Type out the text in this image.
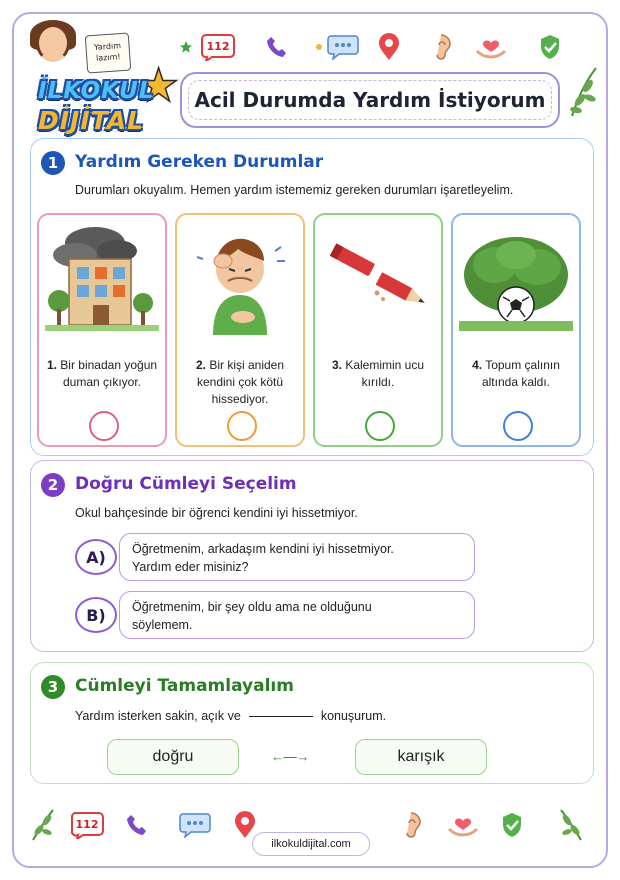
Yardım lazım!
★
İLKOKUL
DİJİTAL
112
Acil Durumda Yardım İstiyorum
1 Yardım Gereken Durumlar
Durumları okuyalım. Hemen yardım istememiz gereken durumları işaretleyelim.
1. Bir binadan yoğun duman çıkıyor.
2. Bir kişi aniden kendini çok kötü hissediyor.
3. Kalemimin ucu kırıldı.
4. Topum çalının altında kaldı.
2 Doğru Cümleyi Seçelim
Okul bahçesinde bir öğrenci kendini iyi hissetmiyor.
A)	Öğretmenim, arkadaşım kendini iyi hissetmiyor.
Yardım eder misiniz?
B)	Öğretmenim, bir şey oldu ama ne olduğunu
söylemem.
3 Cümleyi Tamamlayalım
Yardım isterken sakin, açık ve	konuşurum.
doğru	←----→	karışık
112
ilkokuldijital.com
